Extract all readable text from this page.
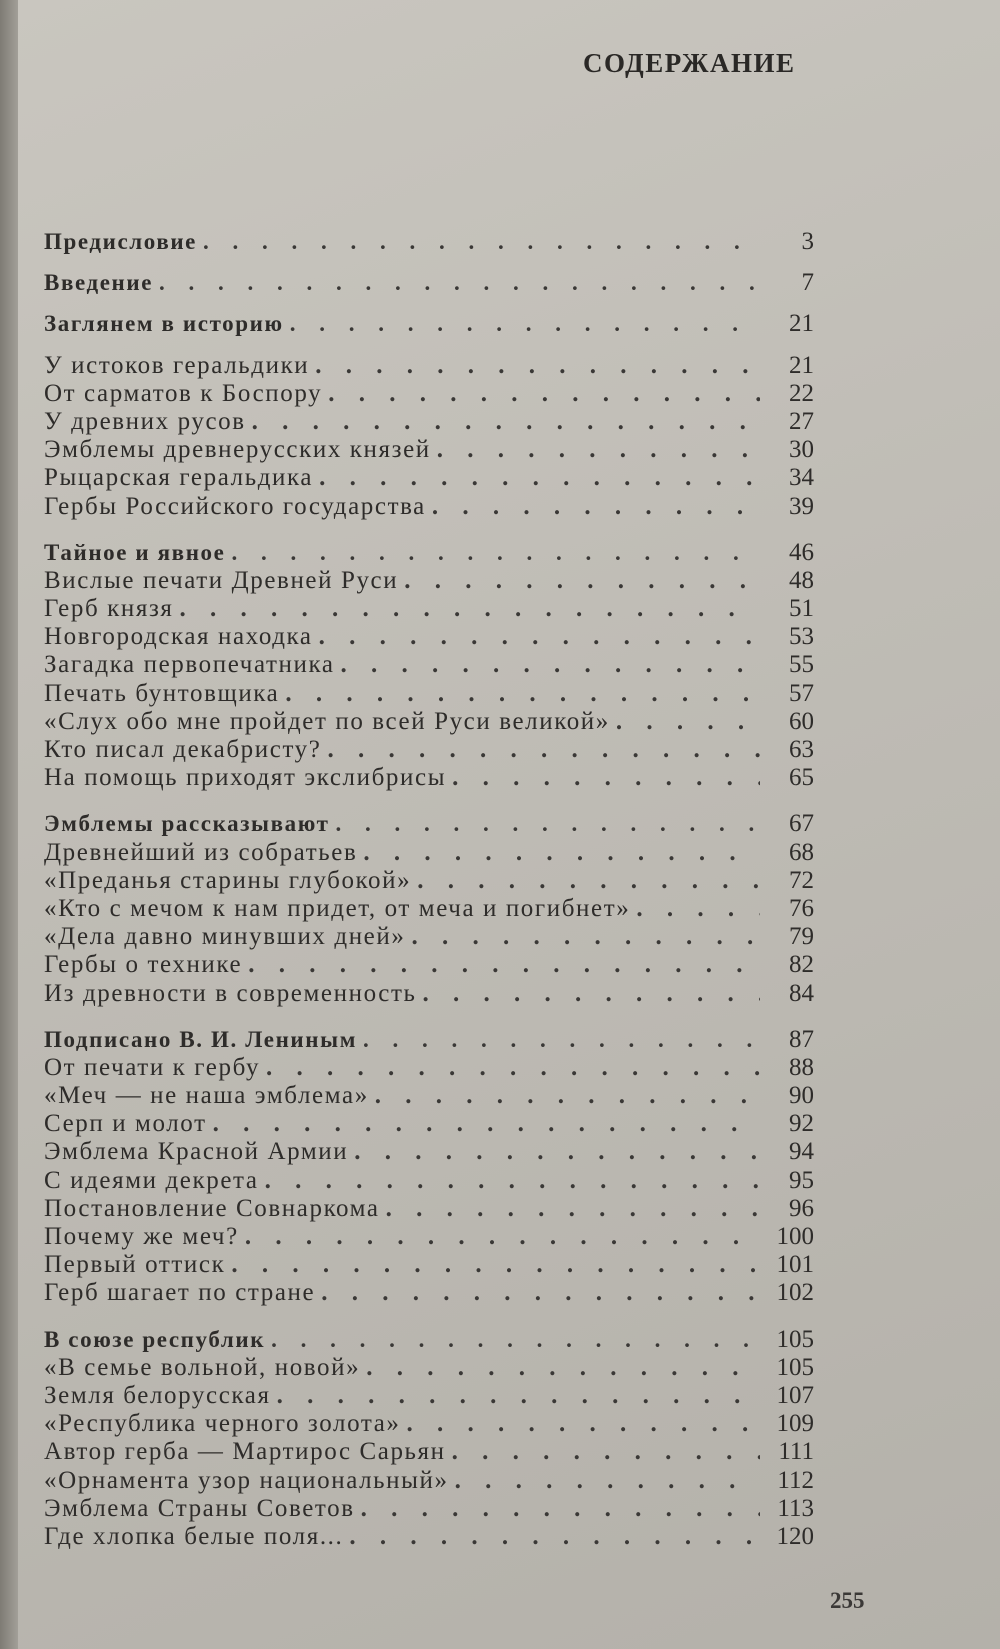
СОДЕРЖАНИЕ
Предисловие . . .	3
Введение . . .	7
Заглянем в историю . . .	21
У истоков геральдики . . .	21
От сарматов к Боспору . . .	22
У древних русов . . .	27
Эмблемы древнерусских князей . . .	30
Рыцарская геральдика . . .	34
Гербы Российского государства . . .	39
Тайное и явное . . .	46
Вислые печати Древней Руси . . .	48
Герб князя . . .	51
Новгородская находка . . .	53
Загадка первопечатника . . .	55
Печать бунтовщика . . .	57
«Слух обо мне пройдет по всей Руси великой» . . .	60
Кто писал декабристу? . . .	63
На помощь приходят экслибрисы . . .	65
Эмблемы рассказывают . . .	67
Древнейший из собратьев . . .	68
«Преданья старины глубокой» . . .	72
«Кто с мечом к нам придет, от меча и погибнет» . . .	76
«Дела давно минувших дней» . . .	79
Гербы о технике . . .	82
Из древности в современность . . .	84
Подписано В. И. Лениным . . .	87
От печати к гербу . . .	88
«Меч — не наша эмблема» . . .	90
Серп и молот . . .	92
Эмблема Красной Армии . . .	94
С идеями декрета . . .	95
Постановление Совнаркома . . .	96
Почему же меч? . . .	100
Первый оттиск . . .	101
Герб шагает по стране . . .	102
В союзе республик . . .	105
«В семье вольной, новой» . . .	105
Земля белорусская . . .	107
«Республика черного золота» . . .	109
Автор герба — Мартирос Сарьян . . .	111
«Орнамента узор национальный» . . .	112
Эмблема Страны Советов . . .	113
Где хлопка белые поля... . . .	120
255
